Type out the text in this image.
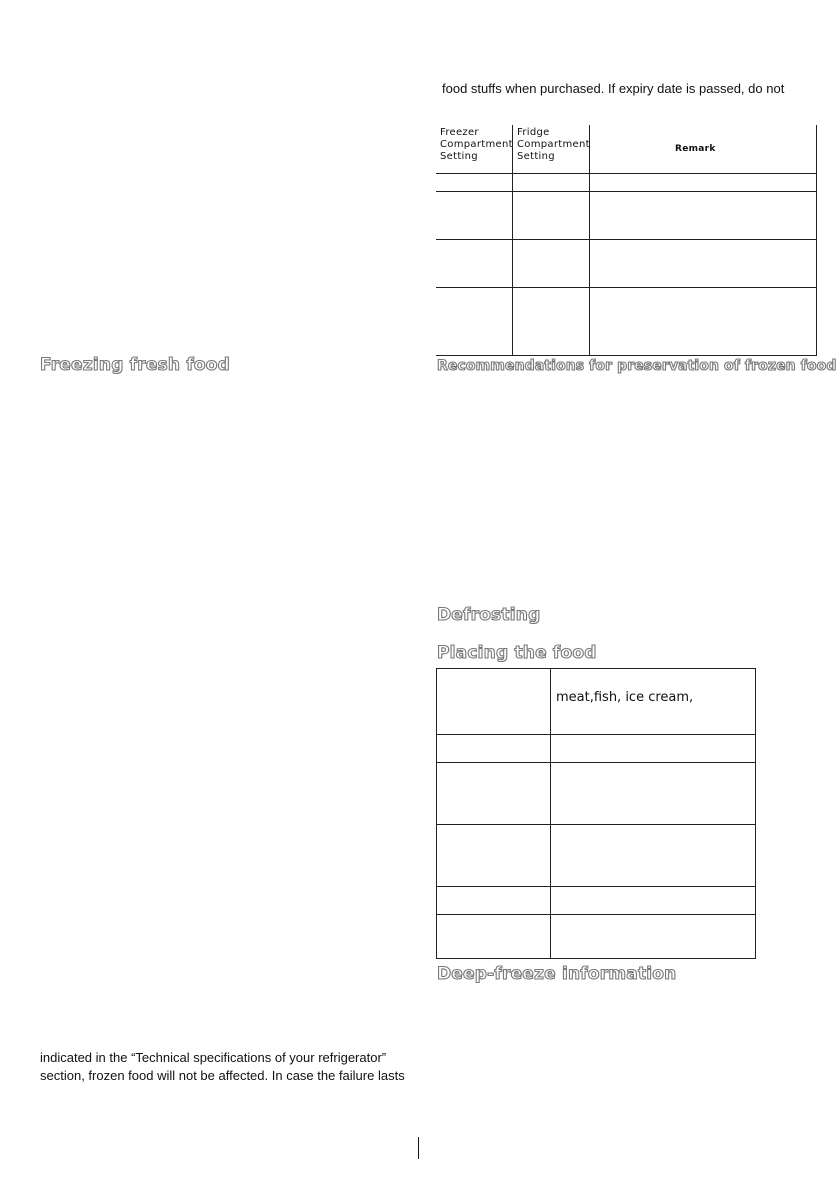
food stuffs when purchased. If expiry date is passed, do not
Freezer
Compartment
Setting
Fridge
Compartment
Setting
Remark
Freezing fresh food	Recommendations for preservation of frozen food
Defrosting
Placing the food
meat,fish, ice cream,
Deep-freeze information
indicated in the “Technical specifications of your refrigerator”
section, frozen food will not be affected. In case the failure lasts
